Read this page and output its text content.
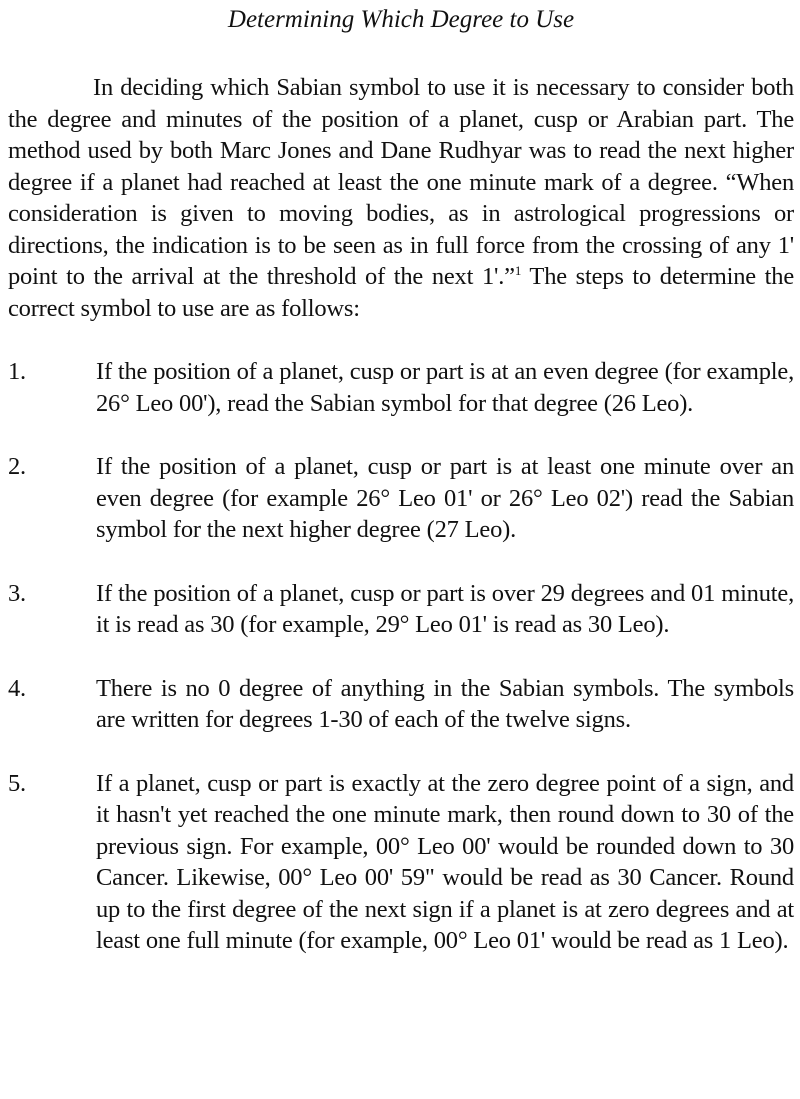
Determining Which Degree to Use

In deciding which Sabian symbol to use it is necessary to consider both the degree and minutes of the position of a planet, cusp or Arabian part. The method used by both Marc Jones and Dane Rudhyar was to read the next higher degree if a planet had reached at least the one minute mark of a degree. “When consideration is given to moving bodies, as in astrological progressions or directions, the indication is to be seen as in full force from the crossing of any 1' point to the arrival at the threshold of the next 1'.”$^1$ The steps to determine the correct symbol to use are as follows:

1.	If the position of a planet, cusp or part is at an even degree (for example, 26° Leo 00'), read the Sabian symbol for that degree (26 Leo).
2.	If the position of a planet, cusp or part is at least one minute over an even degree (for example 26° Leo 01' or 26° Leo 02') read the Sabian symbol for the next higher degree (27 Leo).
3.	If the position of a planet, cusp or part is over 29 degrees and 01 minute, it is read as 30 (for example, 29° Leo 01' is read as 30 Leo).
4.	There is no 0 degree of anything in the Sabian symbols. The symbols are written for degrees 1-30 of each of the twelve signs.
5.	If a planet, cusp or part is exactly at the zero degree point of a sign, and it hasn't yet reached the one minute mark, then round down to 30 of the previous sign. For example, 00° Leo 00' would be rounded down to 30 Cancer. Likewise, 00° Leo 00' 59" would be read as 30 Cancer. Round up to the first degree of the next sign if a planet is at zero degrees and at least one full minute (for example, 00° Leo 01' would be read as 1 Leo).
